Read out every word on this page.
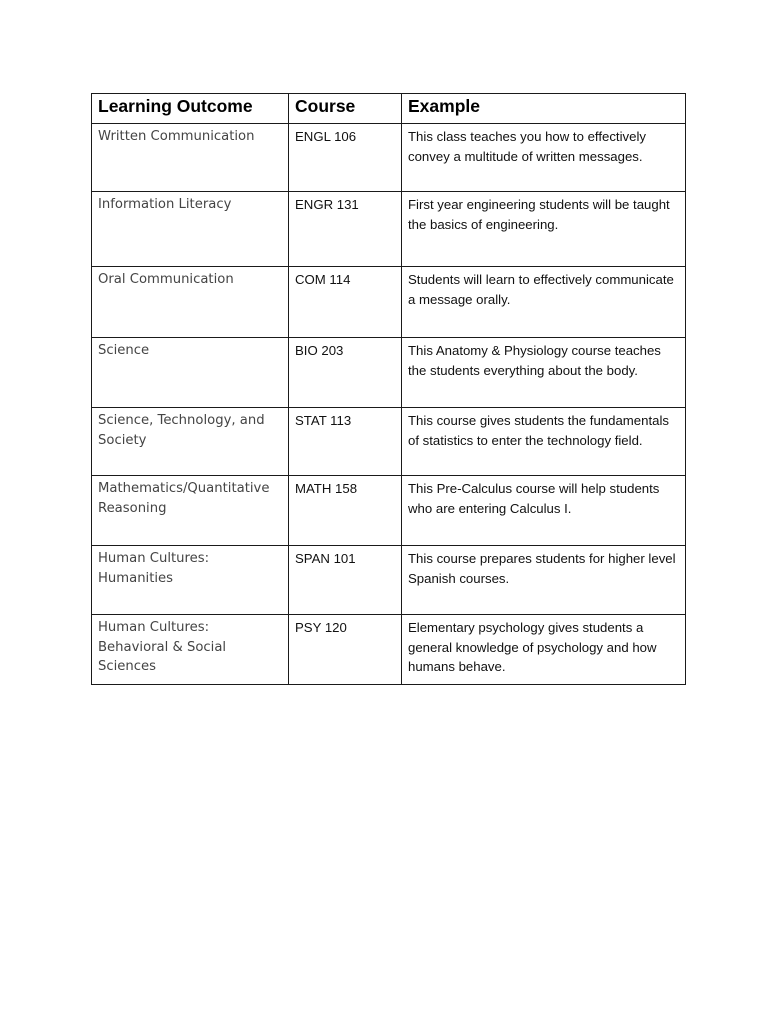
Learning Outcome	Course	Example

Written Communication	ENGL 106	This class teaches you how to effectively convey a multitude of written messages.

Information Literacy	ENGR 131	First year engineering students will be taught the basics of engineering.

Oral Communication	COM 114	Students will learn to effectively communicate a message orally.

Science	BIO 203	This Anatomy & Physiology course teaches the students everything about the body.

Science, Technology, and Society	STAT 113	This course gives students the fundamentals of statistics to enter the technology field.

Mathematics/Quantitative Reasoning	MATH 158	This Pre-Calculus course will help students who are entering Calculus I.

Human Cultures:
Humanities	SPAN 101	This course prepares students for higher level Spanish courses.

Human Cultures:
Behavioral & Social Sciences	PSY 120	Elementary psychology gives students a general knowledge of psychology and how humans behave.
